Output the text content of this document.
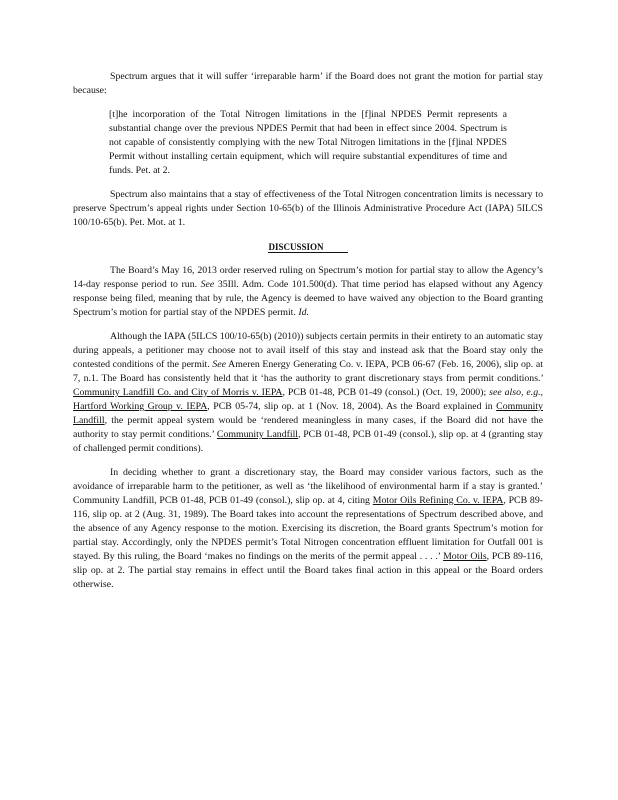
Spectrum argues that it will suffer ‘irreparable harm’ if the Board does not grant the motion for partial stay because:

[t]he incorporation of the Total Nitrogen limitations in the [f]inal NPDES Permit represents a substantial change over the previous NPDES Permit that had been in effect since 2004. Spectrum is not capable of consistently complying with the new Total Nitrogen limitations in the [f]inal NPDES Permit without installing certain equipment, which will require substantial expenditures of time and funds. Pet. at 2.

Spectrum also maintains that a stay of effectiveness of the Total Nitrogen concentration limits is necessary to preserve Spectrum’s appeal rights under Section 10-65(b) of the Illinois Administrative Procedure Act (IAPA) 5ILCS 100/10-65(b). Pet. Mot. at 1.

DISCUSSION

The Board’s May 16, 2013 order reserved ruling on Spectrum’s motion for partial stay to allow the Agency’s 14-day response period to run. See 35Ill. Adm. Code 101.500(d). That time period has elapsed without any Agency response being filed, meaning that by rule, the Agency is deemed to have waived any objection to the Board granting Spectrum’s motion for partial stay of the NPDES permit. Id.

Although the IAPA (5ILCS 100/10-65(b) (2010)) subjects certain permits in their entirety to an automatic stay during appeals, a petitioner may choose not to avail itself of this stay and instead ask that the Board stay only the contested conditions of the permit. See Ameren Energy Generating Co. v. IEPA, PCB 06-67 (Feb. 16, 2006), slip op. at 7, n.1. The Board has consistently held that it ‘has the authority to grant discretionary stays from permit conditions.’ Community Landfill Co. and City of Morris v. IEPA, PCB 01-48, PCB 01-49 (consol.) (Oct. 19, 2000); see also, e.g., Hartford Working Group v. IEPA, PCB 05-74, slip op. at 1 (Nov. 18, 2004). As the Board explained in Community Landfill, the permit appeal system would be ‘rendered meaningless in many cases, if the Board did not have the authority to stay permit conditions.’ Community Landfill, PCB 01-48, PCB 01-49 (consol.), slip op. at 4 (granting stay of challenged permit conditions).

In deciding whether to grant a discretionary stay, the Board may consider various factors, such as the avoidance of irreparable harm to the petitioner, as well as ‘the likelihood of environmental harm if a stay is granted.’ Community Landfill, PCB 01-48, PCB 01-49 (consol.), slip op. at 4, citing Motor Oils Refining Co. v. IEPA, PCB 89-116, slip op. at 2 (Aug. 31, 1989). The Board takes into account the representations of Spectrum described above, and the absence of any Agency response to the motion. Exercising its discretion, the Board grants Spectrum’s motion for partial stay. Accordingly, only the NPDES permit’s Total Nitrogen concentration effluent limitation for Outfall 001 is stayed. By this ruling, the Board ‘makes no findings on the merits of the permit appeal . . . .’ Motor Oils, PCB 89-116, slip op. at 2. The partial stay remains in effect until the Board takes final action in this appeal or the Board orders otherwise.
